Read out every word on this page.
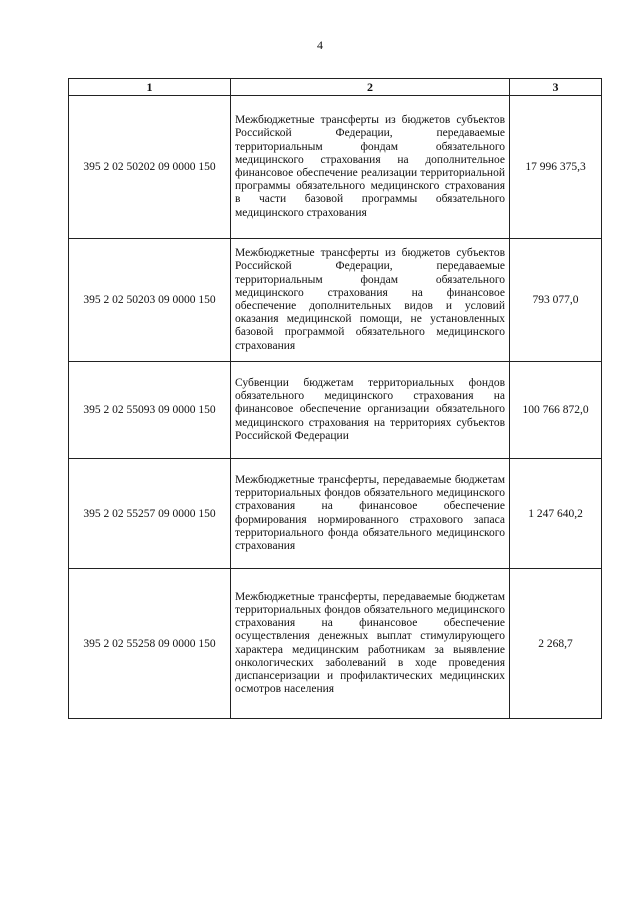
4
1	2	3
395 2 02 50202 09 0000 150	Межбюджетные трансферты из бюджетов субъектов Российской Федерации, передаваемые территориальным фондам обязательного медицинского страхования на дополнительное финансовое обеспечение реализации территориальной программы обязательного медицинского страхования в части базовой программы обязательного медицинского страхования	17 996 375,3
395 2 02 50203 09 0000 150	Межбюджетные трансферты из бюджетов субъектов Российской Федерации, передаваемые территориальным фондам обязательного медицинского страхования на финансовое обеспечение дополнительных видов и условий оказания медицинской помощи, не установленных базовой программой обязательного медицинского страхования	793 077,0
395 2 02 55093 09 0000 150	Субвенции бюджетам территориальных фондов обязательного медицинского страхования на финансовое обеспечение организации обязательного медицинского страхования на территориях субъектов Российской Федерации	100 766 872,0
395 2 02 55257 09 0000 150	Межбюджетные трансферты, передаваемые бюджетам территориальных фондов обязательного медицинского страхования на финансовое обеспечение формирования нормированного страхового запаса территориального фонда обязательного медицинского страхования	1 247 640,2
395 2 02 55258 09 0000 150	Межбюджетные трансферты, передаваемые бюджетам территориальных фондов обязательного медицинского страхования на финансовое обеспечение осуществления денежных выплат стимулирующего характера медицинским работникам за выявление онкологических заболеваний в ходе проведения диспансеризации и профилактических медицинских осмотров населения	2 268,7
